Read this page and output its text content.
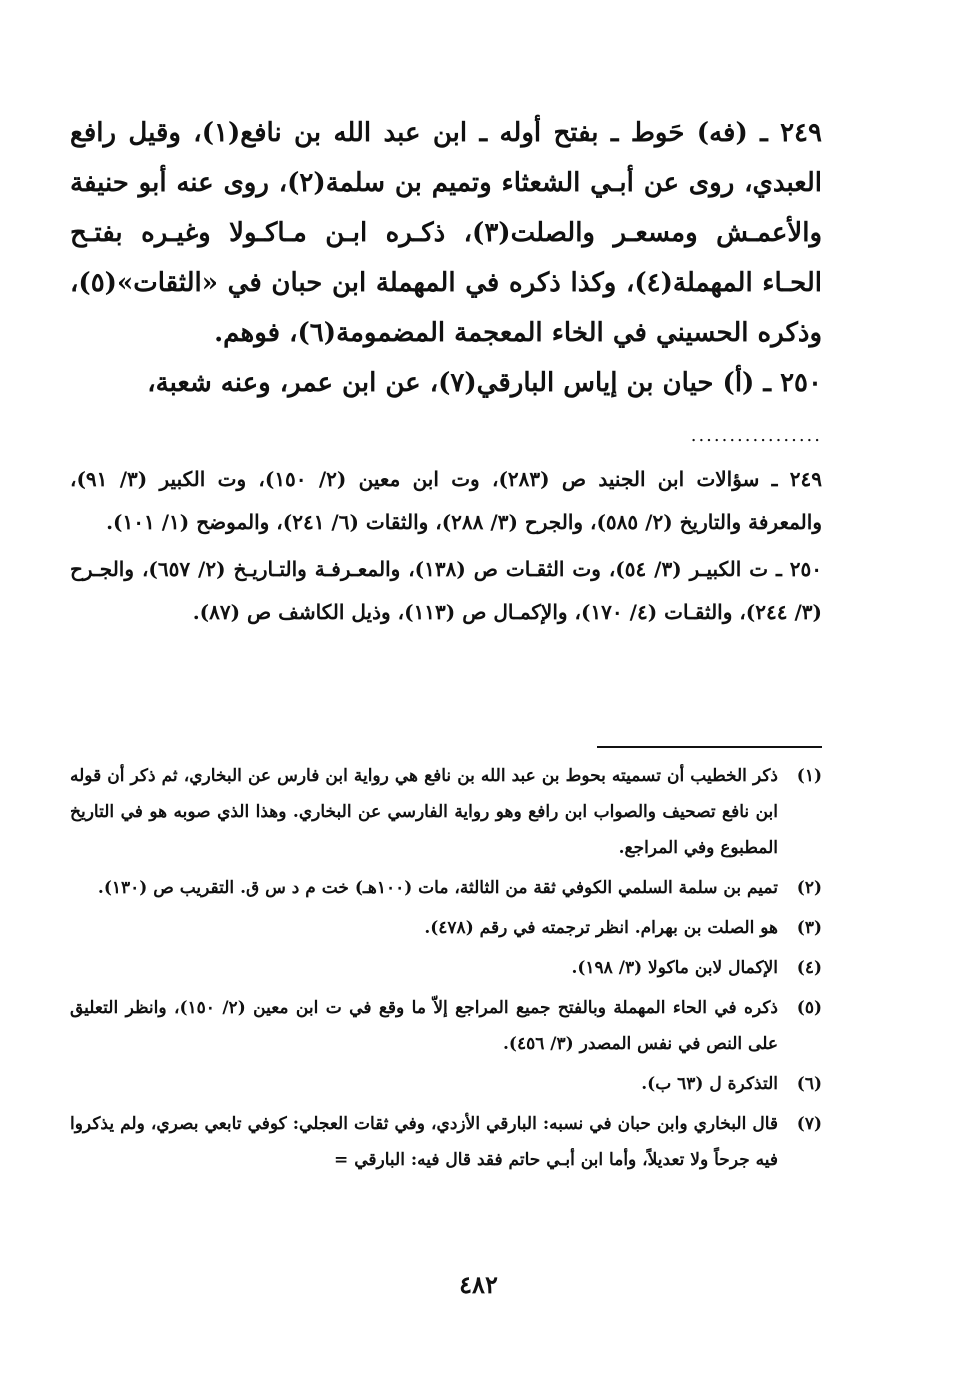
٢٤٩ ـ (فه) حَوط ـ بفتح أوله ـ ابن عبد الله بن نافع(١)، وقيل رافع العبدي، روى عن أبـي الشعثاء وتميم بن سلمة(٢)، روى عنه أبو حنيفة والأعمـش ومسعـر والصلت(٣)، ذكـره ابـن مـاكـولا وغيـره بفتـح الحـاء المهملة(٤)، وكذا ذكره في المهملة ابن حبان في «الثقات»(٥)، وذكره الحسيني في الخاء المعجمة المضمومة(٦)، فوهم.

٢٥٠ ـ (أ) حيان بن إياس البارقي(٧)، عن ابن عمر، وعنه شعبة،

.................

٢٤٩ ـ سؤالات ابن الجنيد ص (٢٨٣)، وت ابن معين (٢/ ١٥٠)، وت الكبير (٣/ ٩١)، والمعرفة والتاريخ (٢/ ٥٨٥)، والجرح (٣/ ٢٨٨)، والثقات (٦/ ٢٤١)، والموضح (١/ ١٠١).

٢٥٠ ـ ت الكبيـر (٣/ ٥٤)، وت الثقـات ص (١٣٨)، والمعـرفـة والتـاريـخ (٢/ ٦٥٧)، والجـرح (٣/ ٢٤٤)، والثقـات (٤/ ١٧٠)، والإكمـال ص (١١٣)، وذيل الكاشف ص (٨٧).

(١)
ذكر الخطيب أن تسميته بحوط بن عبد الله بن نافع هي رواية ابن فارس عن البخاري، ثم ذكر أن قوله ابن نافع تصحيف والصواب ابن رافع وهو رواية الفارسي عن البخاري. وهذا الذي صوبه هو في التاريخ المطبوع وفي المراجع.
(٢)
تميم بن سلمة السلمي الكوفي ثقة من الثالثة، مات (١٠٠هـ) خت م د س ق. التقريب ص (١٣٠).
(٣)
هو الصلت بن بهرام. انظر ترجمته في رقم (٤٧٨).
(٤)
الإكمال لابن ماكولا (٣/ ١٩٨).
(٥)
ذكره في الحاء المهملة وبالفتح جميع المراجع إلاّ ما وقع في ت ابن معين (٢/ ١٥٠)، وانظر التعليق على النص في نفس المصدر (٣/ ٤٥٦).
(٦)
التذكرة ل (٦٣ ب).
(٧)
قال البخاري وابن حبان في نسبه: البارقي الأزدي، وفي ثقات العجلي: كوفي تابعي بصري، ولم يذكروا فيه جرحاً ولا تعديلاً، وأما ابن أبـي حاتم فقد قال فيه: البارقي =
٤٨٢
